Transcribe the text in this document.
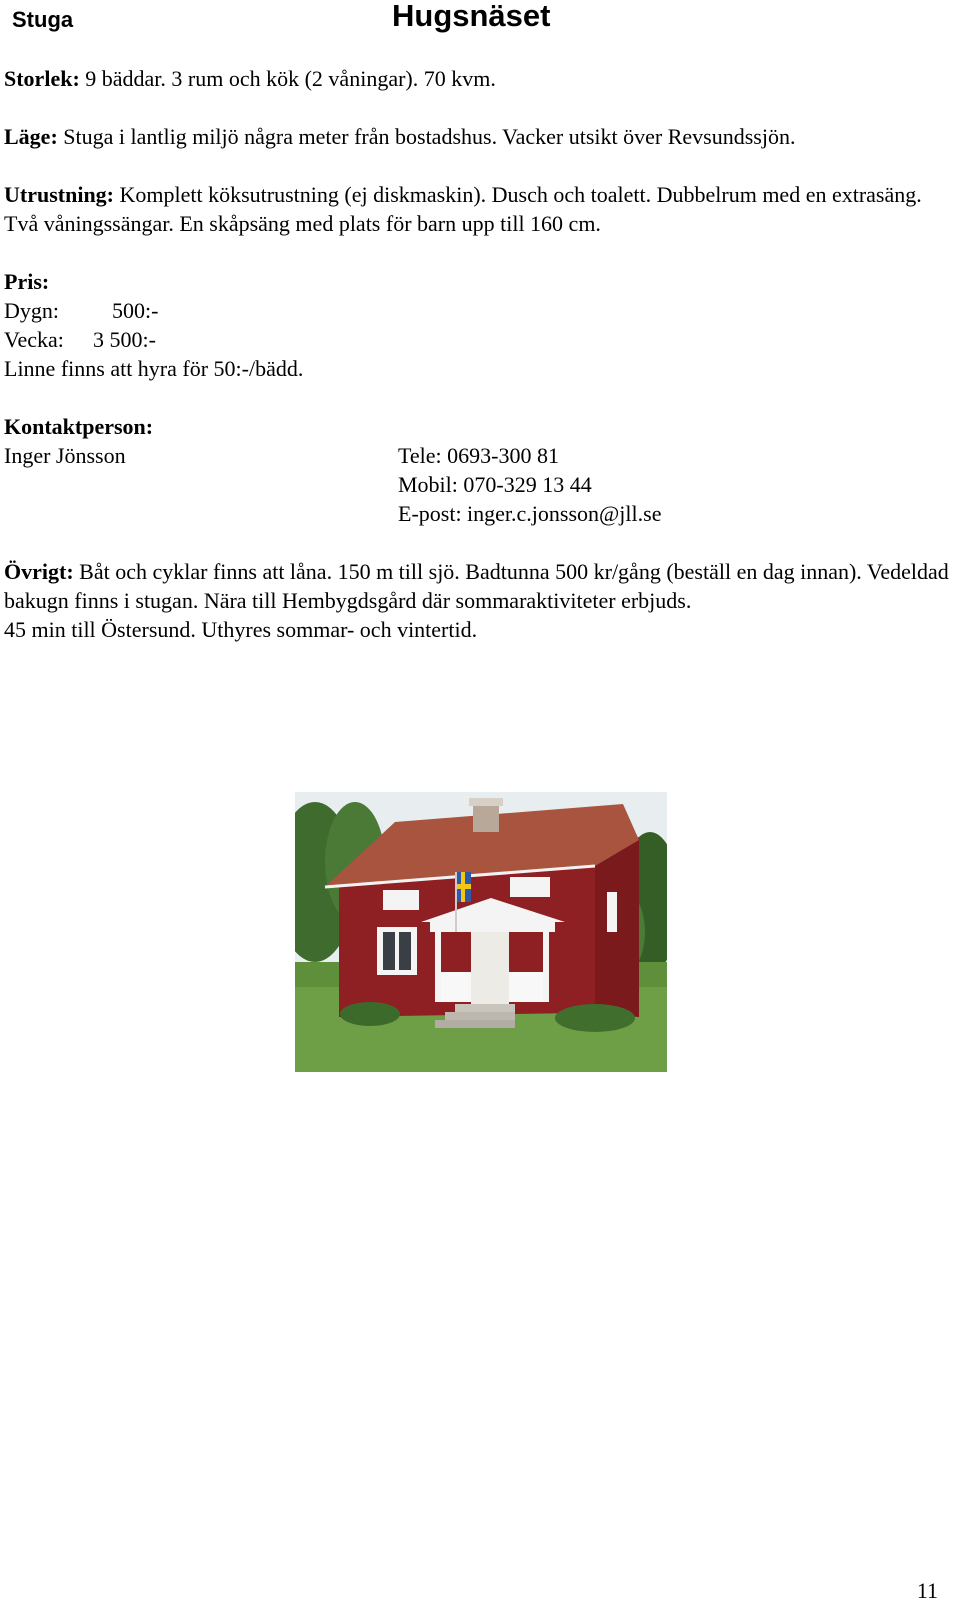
Stuga	Hugsnäset

Storlek: 9 bäddar. 3 rum och kök (2 våningar). 70 kvm.

Läge: Stuga i lantlig miljö några meter från bostadshus. Vacker utsikt över Revsundssjön.

Utrustning: Komplett köksutrustning (ej diskmaskin). Dusch och toalett. Dubbelrum med en extrasäng. Två våningssängar. En skåpsäng med plats för barn upp till 160 cm.

Pris:
Dygn: 500:-
Vecka: 3 500:-
Linne finns att hyra för 50:-/bädd.
Kontaktperson:
Inger Jönsson	Tele: 0693-300 81
Mobil: 070-329 13 44
E-post: inger.c.jonsson@jll.se

Övrigt: Båt och cyklar finns att låna. 150 m till sjö. Badtunna 500 kr/gång (beställ en dag innan). Vedeldad bakugn finns i stugan. Nära till Hembygdsgård där sommaraktiviteter erbjuds.

45 min till Östersund. Uthyres sommar- och vintertid.

11
